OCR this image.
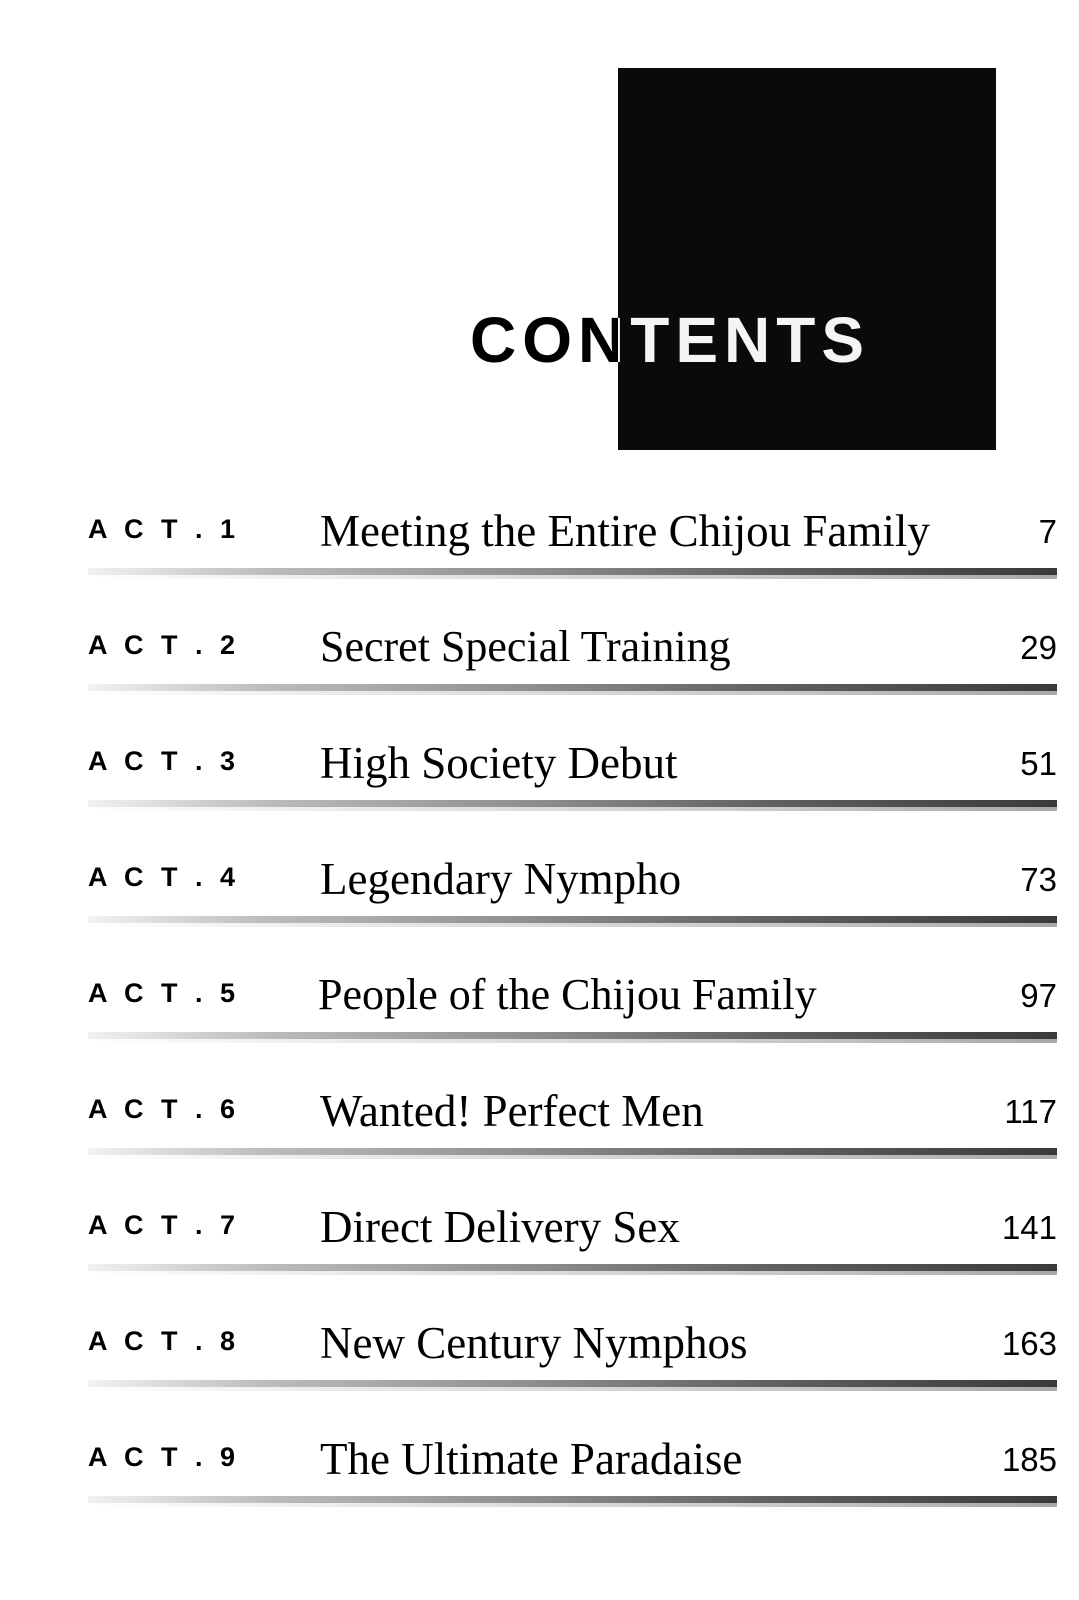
CONTENTS
A C T . 1	Meeting the Entire Chijou Family	7
A C T . 2	Secret Special Training	29
A C T . 3	High Society Debut	51
A C T . 4	Legendary Nympho	73
A C T . 5	People of the Chijou Family	97
A C T . 6	Wanted! Perfect Men	117
A C T . 7	Direct Delivery Sex	141
A C T . 8	New Century Nymphos	163
A C T . 9	The Ultimate Paradaise	185
